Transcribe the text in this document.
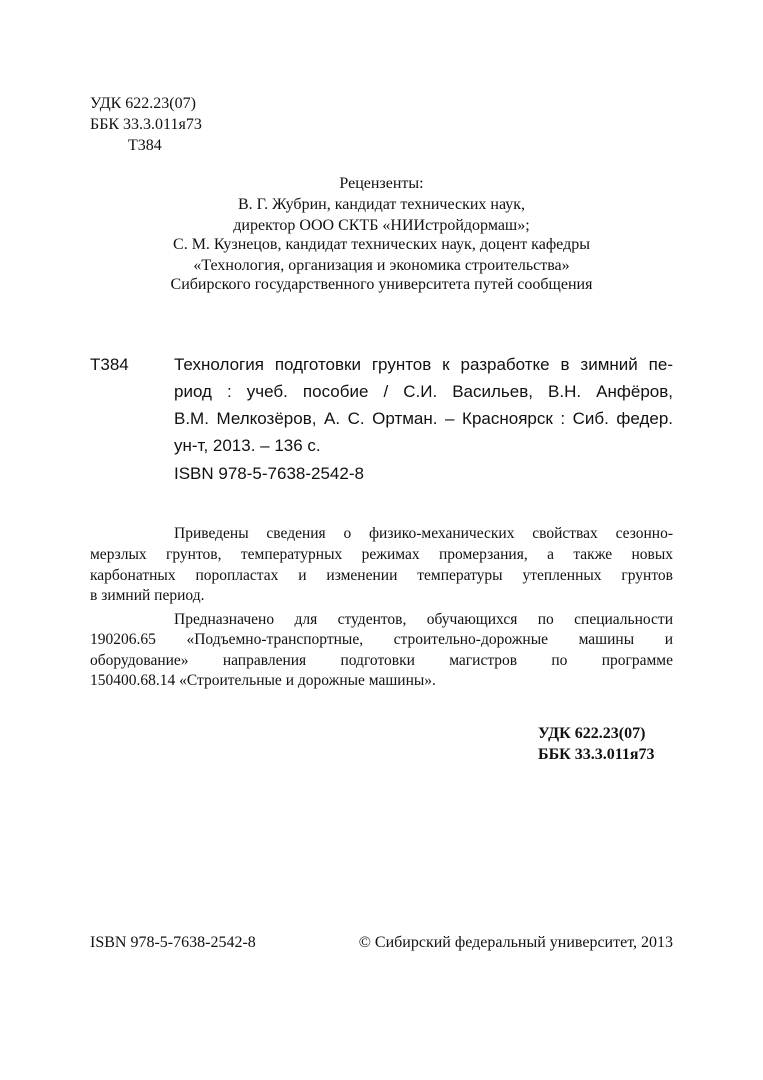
УДК 622.23(07)
ББК 33.3.011я73
Т384
Рецензенты:
В. Г. Жубрин, кандидат технических наук,
директор ООО СКТБ «НИИстройдормаш»;
С. М. Кузнецов, кандидат технических наук, доцент кафедры
«Технология, организация и экономика строительства»
Сибирского государственного университета путей сообщения
Т384	Технология подготовки грунтов к разработке в зимний пе-
риод : учеб. пособие / С.И. Васильев, В.Н. Анфёров,
В.М. Мелкозёров, А. С. Ортман. – Красноярск : Сиб. федер.
ун-т, 2013. – 136 с.
ISBN 978-5-7638-2542-8
Приведены сведения о физико-механических свойствах сезонно-
мерзлых грунтов, температурных режимах промерзания, а также новых
карбонатных поропластах и изменении температуры утепленных грунтов
в зимний период.
Предназначено для студентов, обучающихся по специальности
190206.65 «Подъемно-транспортные, строительно-дорожные машины и
оборудование» направления подготовки магистров по программе
150400.68.14 «Строительные и дорожные машины».
УДК 622.23(07)
ББК 33.3.011я73
ISBN 978-5-7638-2542-8	© Сибирский федеральный университет, 2013
